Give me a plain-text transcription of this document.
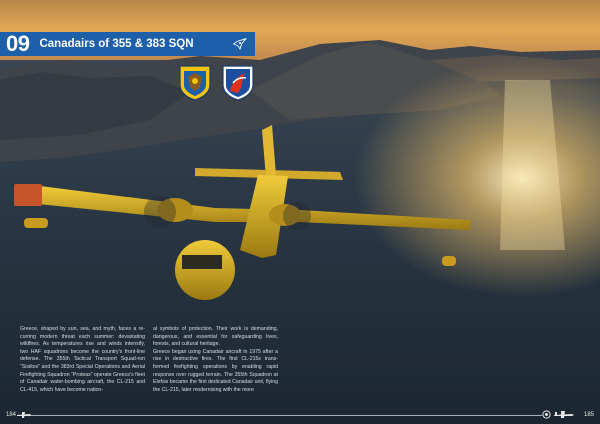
09 Canadairs of 355 & 383 SQN
Greece, shaped by sun, sea, and myth, faces a re-curring modern threat each summer: devastating wildfires. As temperatures rise and winds intensify, two HAF squadrons become the country's front-line defense. The 355th Tactical Transport Squad-ron “Sisiitos” and the 383rd Special Operations and Aerial Firefighting Squadron “Proteas” operate Greece's fleet of Canadair water-bombing aircraft, the CL-215 and CL-415, which have become nation-
al symbols of protection. Their work is demanding, dangerous, and essential for safeguarding lives, forests, and cultural heritage.
Greece began using Canadair aircraft in 1975 after a rise in destructive fires. The first CL-215s trans-formed firefighting operations by enabling rapid response over rugged terrain. The 355th Squadron at Elefsis became the first dedicated Canadair unit, flying the CL-215, later modernising with the more
184	185
